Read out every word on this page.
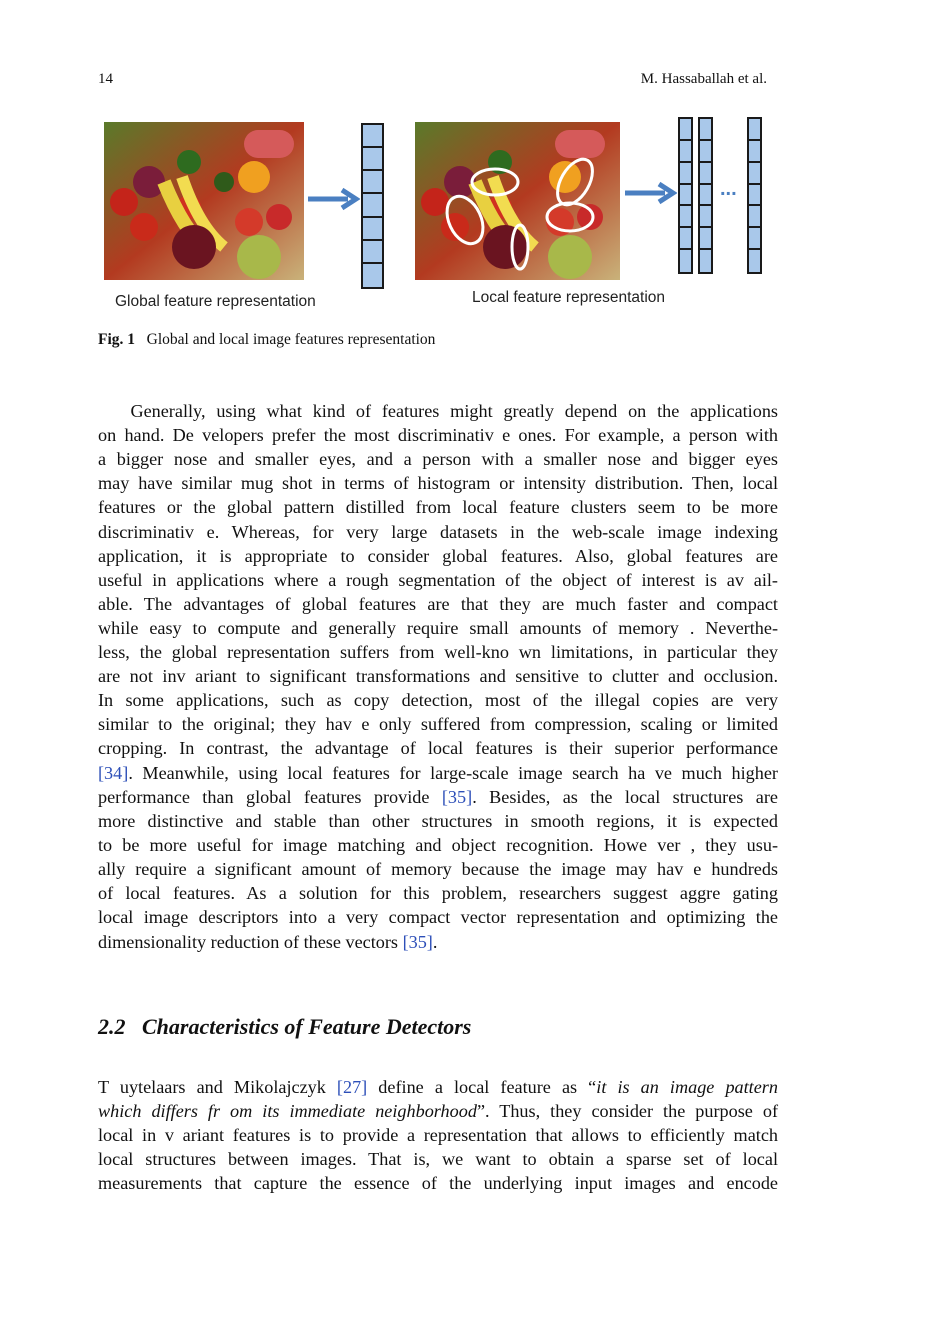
14	M. Hassaballah et al.
...
Global feature representation	Local feature representation
Fig. 1 Global and local image features representation
Generally, using what kind of features might greatly depend on the applications
on hand. De velopers prefer the most discriminativ e ones. For example, a person with
a bigger nose and smaller eyes, and a person with a smaller nose and bigger eyes
may have similar mug shot in terms of histogram or intensity distribution. Then, local
features or the global pattern distilled from local feature clusters seem to be more
discriminativ e. Whereas, for very large datasets in the web-scale image indexing
application, it is appropriate to consider global features. Also, global features are
useful in applications where a rough segmentation of the object of interest is av ail-
able. The advantages of global features are that they are much faster and compact
while easy to compute and generally require small amounts of memory . Neverthe-
less, the global representation suffers from well-kno wn limitations, in particular they
are not inv ariant to significant transformations and sensitive to clutter and occlusion.
In some applications, such as copy detection, most of the illegal copies are very
similar to the original; they hav e only suffered from compression, scaling or limited
cropping. In contrast, the advantage of local features is their superior performance
[34]. Meanwhile, using local features for large-scale image search ha ve much higher
performance than global features provide [35]. Besides, as the local structures are
more distinctive and stable than other structures in smooth regions, it is expected
to be more useful for image matching and object recognition. Howe ver , they usu-
ally require a significant amount of memory because the image may hav e hundreds
of local features. As a solution for this problem, researchers suggest aggre gating
local image descriptors into a very compact vector representation and optimizing the
dimensionality reduction of these vectors [35].
2.2 Characteristics of Feature Detectors
T uytelaars and Mikolajczyk [27] define a local feature as “it is an image pattern
which differs fr om its immediate neighborhood”. Thus, they consider the purpose of
local in v ariant features is to provide a representation that allows to efficiently match
local structures between images. That is, we want to obtain a sparse set of local
measurements that capture the essence of the underlying input images and encode
